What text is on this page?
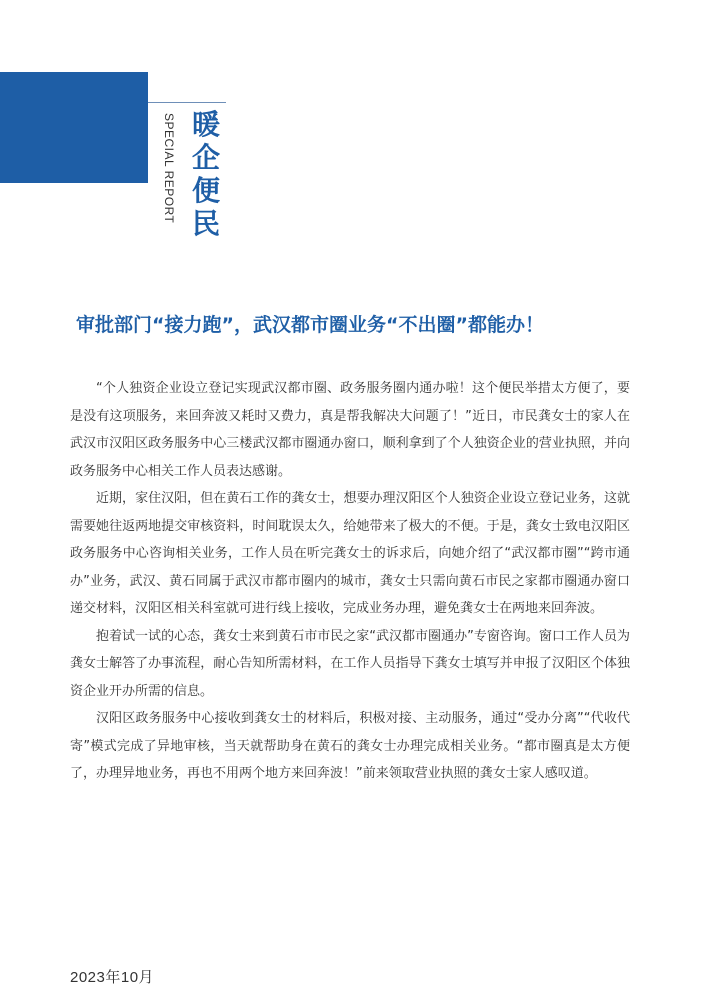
SPECIAL REPORT 暖
企
便
民
审批部门“接力跑”，武汉都市圈业务“不出圈”都能办！

“个人独资企业设立登记实现武汉都市圈、政务服务圈内通办啦！这个便民举措太方便了，要是没有这项服务，来回奔波又耗时又费力，真是帮我解决大问题了！”近日，市民龚女士的家人在武汉市汉阳区政务服务中心三楼武汉都市圈通办窗口，顺利拿到了个人独资企业的营业执照，并向政务服务中心相关工作人员表达感谢。

近期，家住汉阳，但在黄石工作的龚女士，想要办理汉阳区个人独资企业设立登记业务，这就需要她往返两地提交审核资料，时间耽误太久，给她带来了极大的不便。于是，龚女士致电汉阳区政务服务中心咨询相关业务，工作人员在听完龚女士的诉求后，向她介绍了“武汉都市圈”“跨市通办”业务，武汉、黄石同属于武汉市都市圈内的城市，龚女士只需向黄石市民之家都市圈通办窗口递交材料，汉阳区相关科室就可进行线上接收，完成业务办理，避免龚女士在两地来回奔波。

抱着试一试的心态，龚女士来到黄石市市民之家“武汉都市圈通办”专窗咨询。窗口工作人员为龚女士解答了办事流程，耐心告知所需材料，在工作人员指导下龚女士填写并申报了汉阳区个体独资企业开办所需的信息。

汉阳区政务服务中心接收到龚女士的材料后，积极对接、主动服务，通过“受办分离”“代收代寄”模式完成了异地审核，当天就帮助身在黄石的龚女士办理完成相关业务。“都市圈真是太方便了，办理异地业务，再也不用两个地方来回奔波！”前来领取营业执照的龚女士家人感叹道。

2023年10月
